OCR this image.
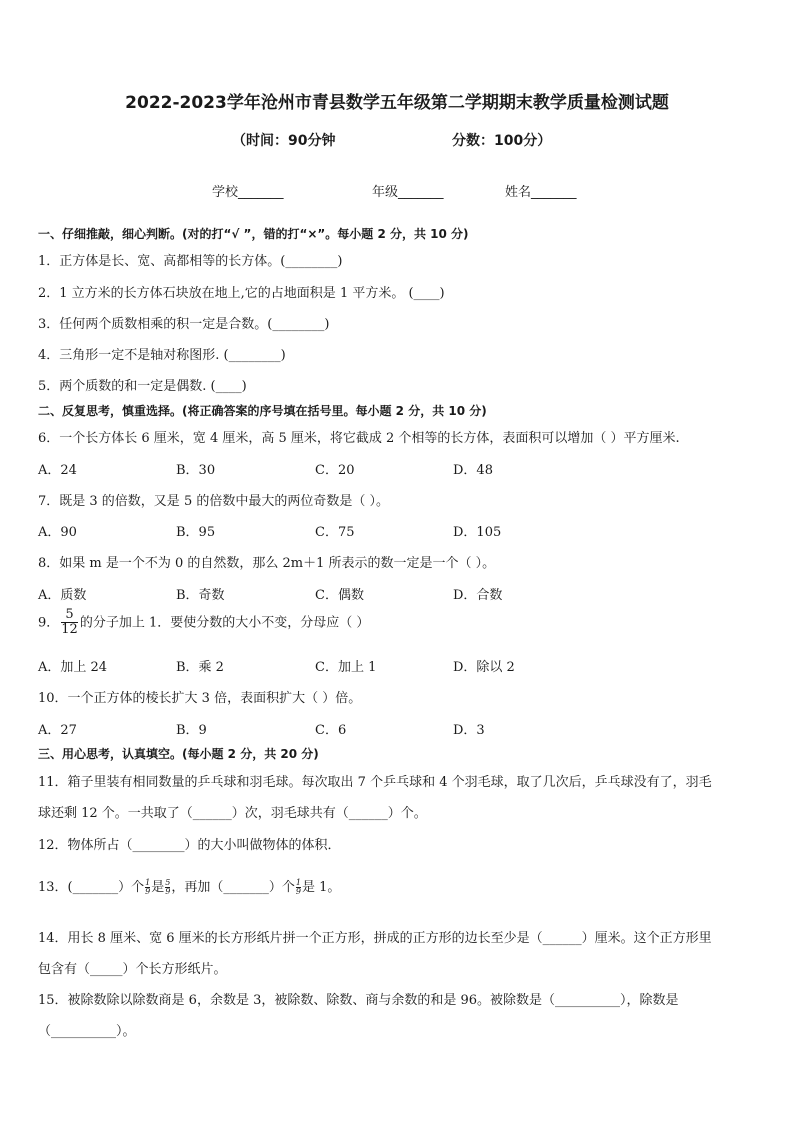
2022-2023学年沧州市青县数学五年级第二学期期末教学质量检测试题
（时间：90分钟	分数：100分）
学校_______	年级_______	姓名_______
一、仔细推敲，细心判断。(对的打“√ ”，错的打“×”。每小题 2 分，共 10 分)
1．正方体是长、宽、高都相等的长方体。(________)
2．1 立方米的长方体石块放在地上,它的占地面积是 1 平方米。 (____)
3．任何两个质数相乘的积一定是合数。(________)
4．三角形一定不是轴对称图形. (________)
5．两个质数的和一定是偶数. (____)
二、反复思考，慎重选择。(将正确答案的序号填在括号里。每小题 2 分，共 10 分)
6．一个长方体长 6 厘米，宽 4 厘米，高 5 厘米，将它截成 2 个相等的长方体，表面积可以增加（ ）平方厘米.
A．24	B．30	C．20	D．48
7．既是 3 的倍数，又是 5 的倍数中最大的两位奇数是（ ）。
A．90	B．95	C．75	D．105
8．如果 m 是一个不为 0 的自然数，那么 2m＋1 所表示的数一定是一个（ ）。
A．质数	B．奇数	C．偶数	D．合数
9． $\frac{5}{12}$ 的分子加上 1．要使分数的大小不变，分母应（ ）
A．加上 24	B．乘 2	C．加上 1	D．除以 2
10．一个正方体的棱长扩大 3 倍，表面积扩大（ ）倍。
A．27	B．9	C．6	D．3
三、用心思考，认真填空。(每小题 2 分，共 20 分)
11．箱子里装有相同数量的乒乓球和羽毛球。每次取出 7 个乒乓球和 4 个羽毛球，取了几次后，乒乓球没有了，羽毛
球还剩 12 个。一共取了（______）次，羽毛球共有（______）个。
12．物体所占（________）的大小叫做物体的体积．
13．(_______）个 $\frac{1}{9}$ 是 $\frac{5}{9}$ ，再加（_______）个 $\frac{1}{9}$ 是 1。
14．用长 8 厘米、宽 6 厘米的长方形纸片拼一个正方形，拼成的正方形的边长至少是（______）厘米。这个正方形里
包含有（_____）个长方形纸片。
15．被除数除以除数商是 6，余数是 3，被除数、除数、商与余数的和是 96。被除数是（__________），除数是
（__________）。
